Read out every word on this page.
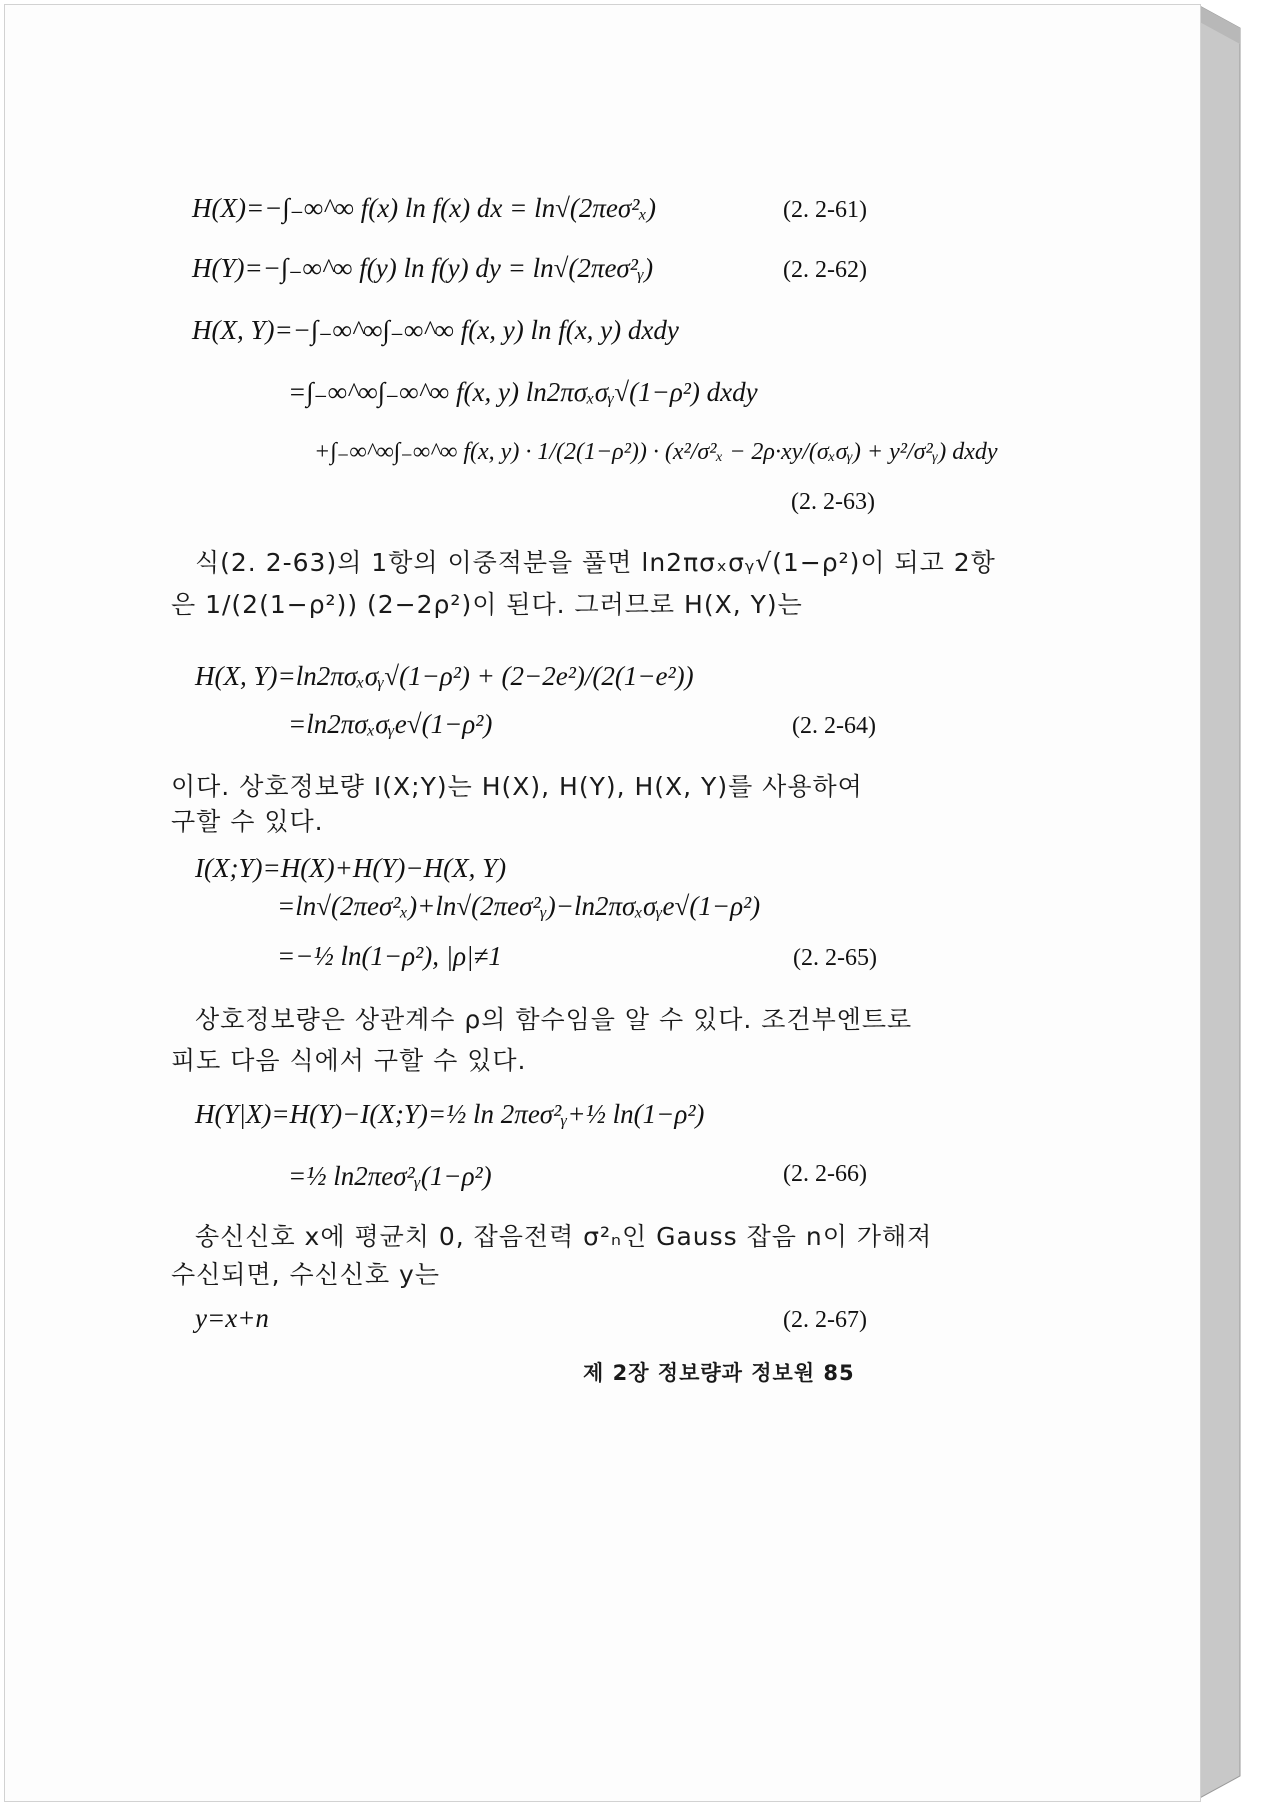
H(X)=−∫₋∞^∞ f(x) ln f(x) dx = ln√(2πeσ²ₓ)	(2. 2-61)
H(Y)=−∫₋∞^∞ f(y) ln f(y) dy = ln√(2πeσ²ᵧ)	(2. 2-62)
H(X, Y)=−∫₋∞^∞∫₋∞^∞ f(x, y) ln f(x, y) dxdy
=∫₋∞^∞∫₋∞^∞ f(x, y) ln2πσₓσᵧ√(1−ρ²) dxdy
+∫₋∞^∞∫₋∞^∞ f(x, y) · 1/(2(1−ρ²)) · (x²/σ²ₓ − 2ρ·xy/(σₓσᵧ) + y²/σ²ᵧ) dxdy
(2. 2-63)
식(2. 2-63)의 1항의 이중적분을 풀면 ln2πσₓσᵧ√(1−ρ²)이 되고 2항
은 1/(2(1−ρ²)) (2−2ρ²)이 된다. 그러므로 H(X, Y)는
H(X, Y)=ln2πσₓσᵧ√(1−ρ²) + (2−2e²)/(2(1−e²))
=ln2πσₓσᵧe√(1−ρ²)	(2. 2-64)
이다. 상호정보량 I(X;Y)는 H(X), H(Y), H(X, Y)를 사용하여
구할 수 있다.
I(X;Y)=H(X)+H(Y)−H(X, Y)
=ln√(2πeσ²ₓ)+ln√(2πeσ²ᵧ)−ln2πσₓσᵧe√(1−ρ²)
=−½ ln(1−ρ²), |ρ|≠1	(2. 2-65)
상호정보량은 상관계수 ρ의 함수임을 알 수 있다. 조건부엔트로
피도 다음 식에서 구할 수 있다.
H(Y|X)=H(Y)−I(X;Y)=½ ln 2πeσ²ᵧ+½ ln(1−ρ²)
=½ ln2πeσ²ᵧ(1−ρ²)	(2. 2-66)
송신신호 x에 평균치 0, 잡음전력 σ²ₙ인 Gauss 잡음 n이 가해져
수신되면, 수신신호 y는
y=x+n	(2. 2-67)
제 2장 정보량과 정보원 85
